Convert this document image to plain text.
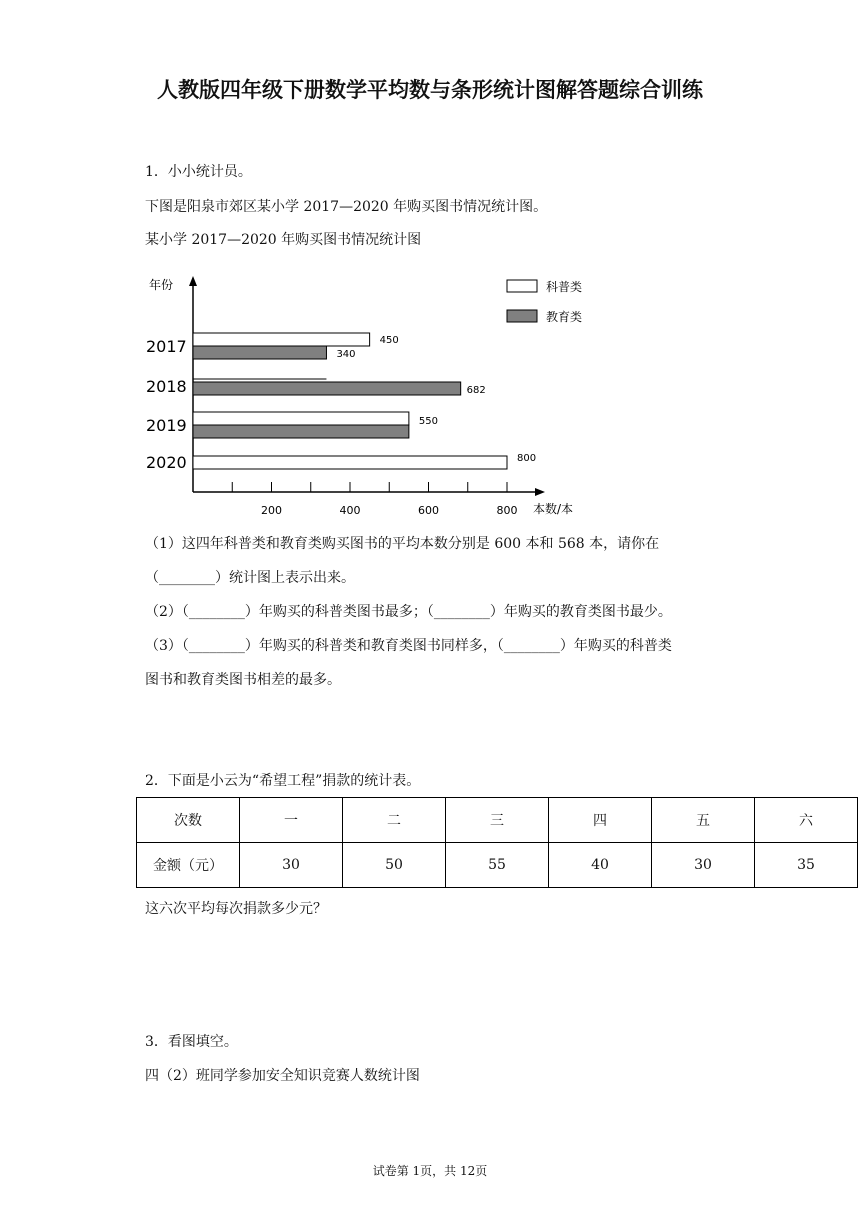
人教版四年级下册数学平均数与条形统计图解答题综合训练
1．小小统计员。
下图是阳泉市郊区某小学 2017—2020 年购买图书情况统计图。
某小学 2017—2020 年购买图书情况统计图
200	400	600	800
年份
本数/本
2017
2018
2019
2020
450
340
682
550
800
科普类
教育类
（1）这四年科普类和教育类购买图书的平均本数分别是 600 本和 568 本，请你在
（________）统计图上表示出来。
（2）（________）年购买的科普类图书最多；（________）年购买的教育类图书最少。
（3）（________）年购买的科普类和教育类图书同样多，（________）年购买的科普类
图书和教育类图书相差的最多。
2．下面是小云为“希望工程”捐款的统计表。
次数	一	二	三	四	五	六
金额（元）	30	50	55	40	30	35
这六次平均每次捐款多少元？
3．看图填空。
四（2）班同学参加安全知识竞赛人数统计图
试卷第 1页，共 12页
